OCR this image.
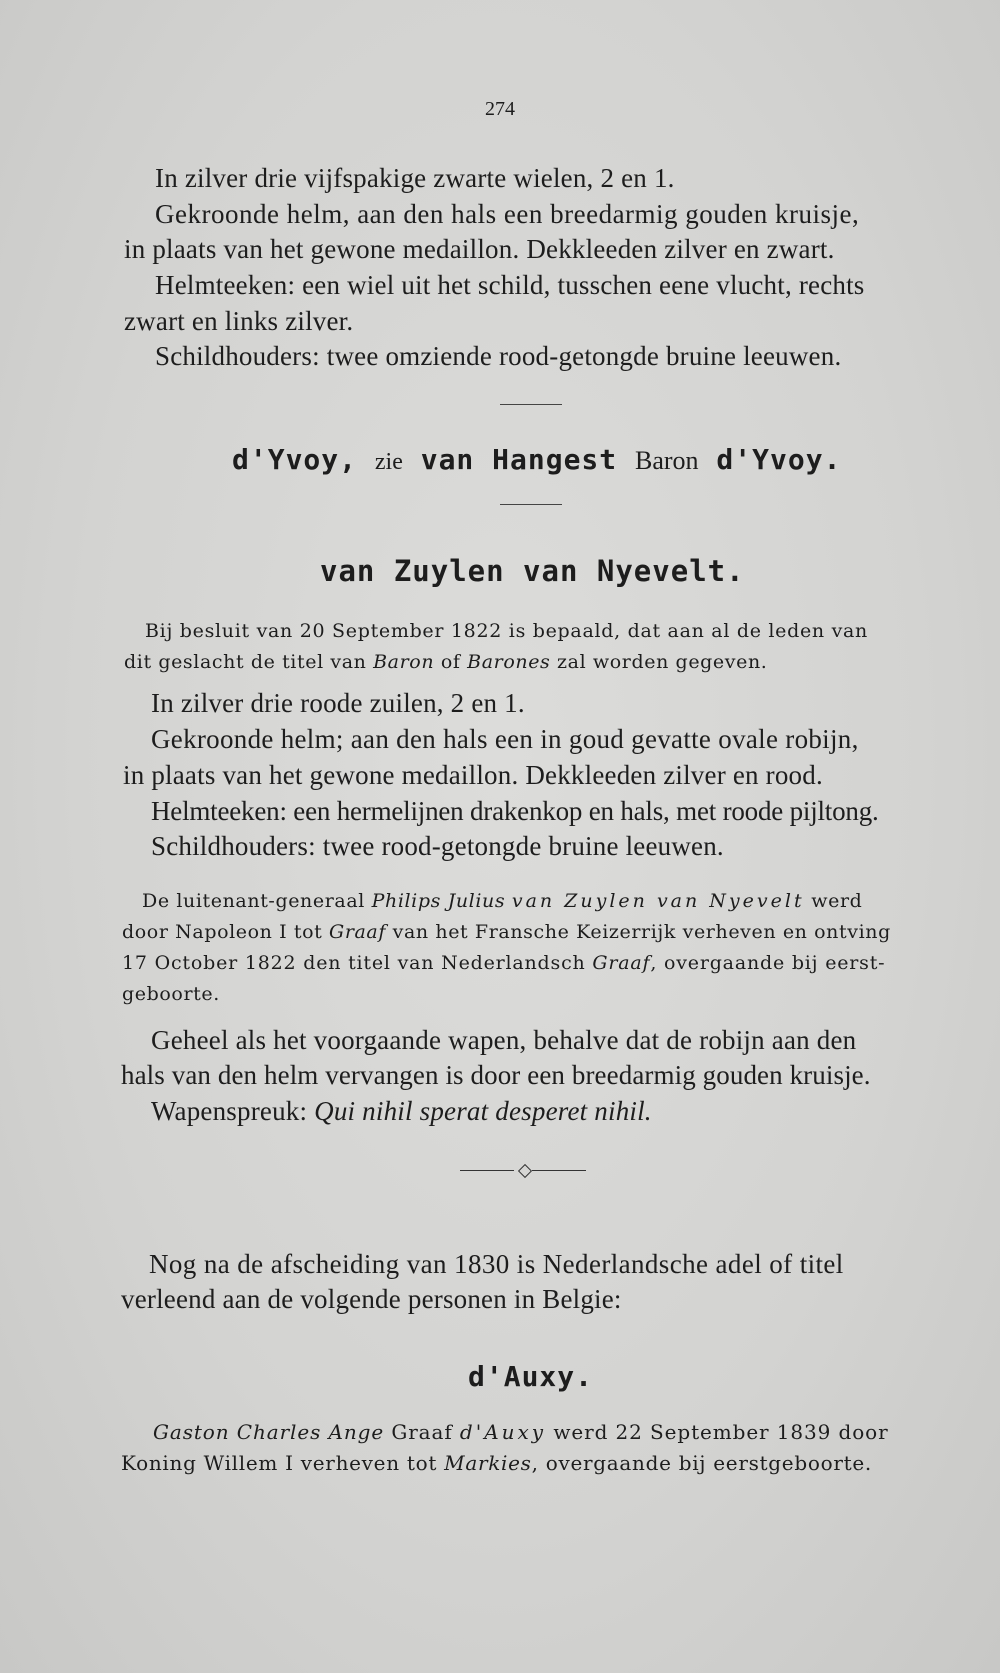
274
In zilver drie vijfspakige zwarte wielen, 2 en 1.
Gekroonde helm, aan den hals een breedarmig gouden kruisje,
in plaats van het gewone medaillon. Dekkleeden zilver en zwart.
Helmteeken: een wiel uit het schild, tusschen eene vlucht, rechts
zwart en links zilver.
Schildhouders: twee omziende rood-getongde bruine leeuwen.
d'Yvoy, zie van Hangest Baron d'Yvoy.
van Zuylen van Nyevelt.
Bij besluit van 20 September 1822 is bepaald, dat aan al de leden van
dit geslacht de titel van Baron of Barones zal worden gegeven.
In zilver drie roode zuilen, 2 en 1.
Gekroonde helm; aan den hals een in goud gevatte ovale robijn,
in plaats van het gewone medaillon. Dekkleeden zilver en rood.
Helmteeken: een hermelijnen drakenkop en hals, met roode pijltong.
Schildhouders: twee rood-getongde bruine leeuwen.
De luitenant-generaal Philips Julius van Zuylen van Nyevelt werd
door Napoleon I tot Graaf van het Fransche Keizerrijk verheven en ontving
17 October 1822 den titel van Nederlandsch Graaf, overgaande bij eerst-
geboorte.
Geheel als het voorgaande wapen, behalve dat de robijn aan den
hals van den helm vervangen is door een breedarmig gouden kruisje.
Wapenspreuk: Qui nihil sperat desperet nihil.
Nog na de afscheiding van 1830 is Nederlandsche adel of titel
verleend aan de volgende personen in Belgie:
d'Auxy.
Gaston Charles Ange Graaf d'Auxy werd 22 September 1839 door
Koning Willem I verheven tot Markies, overgaande bij eerstgeboorte.
